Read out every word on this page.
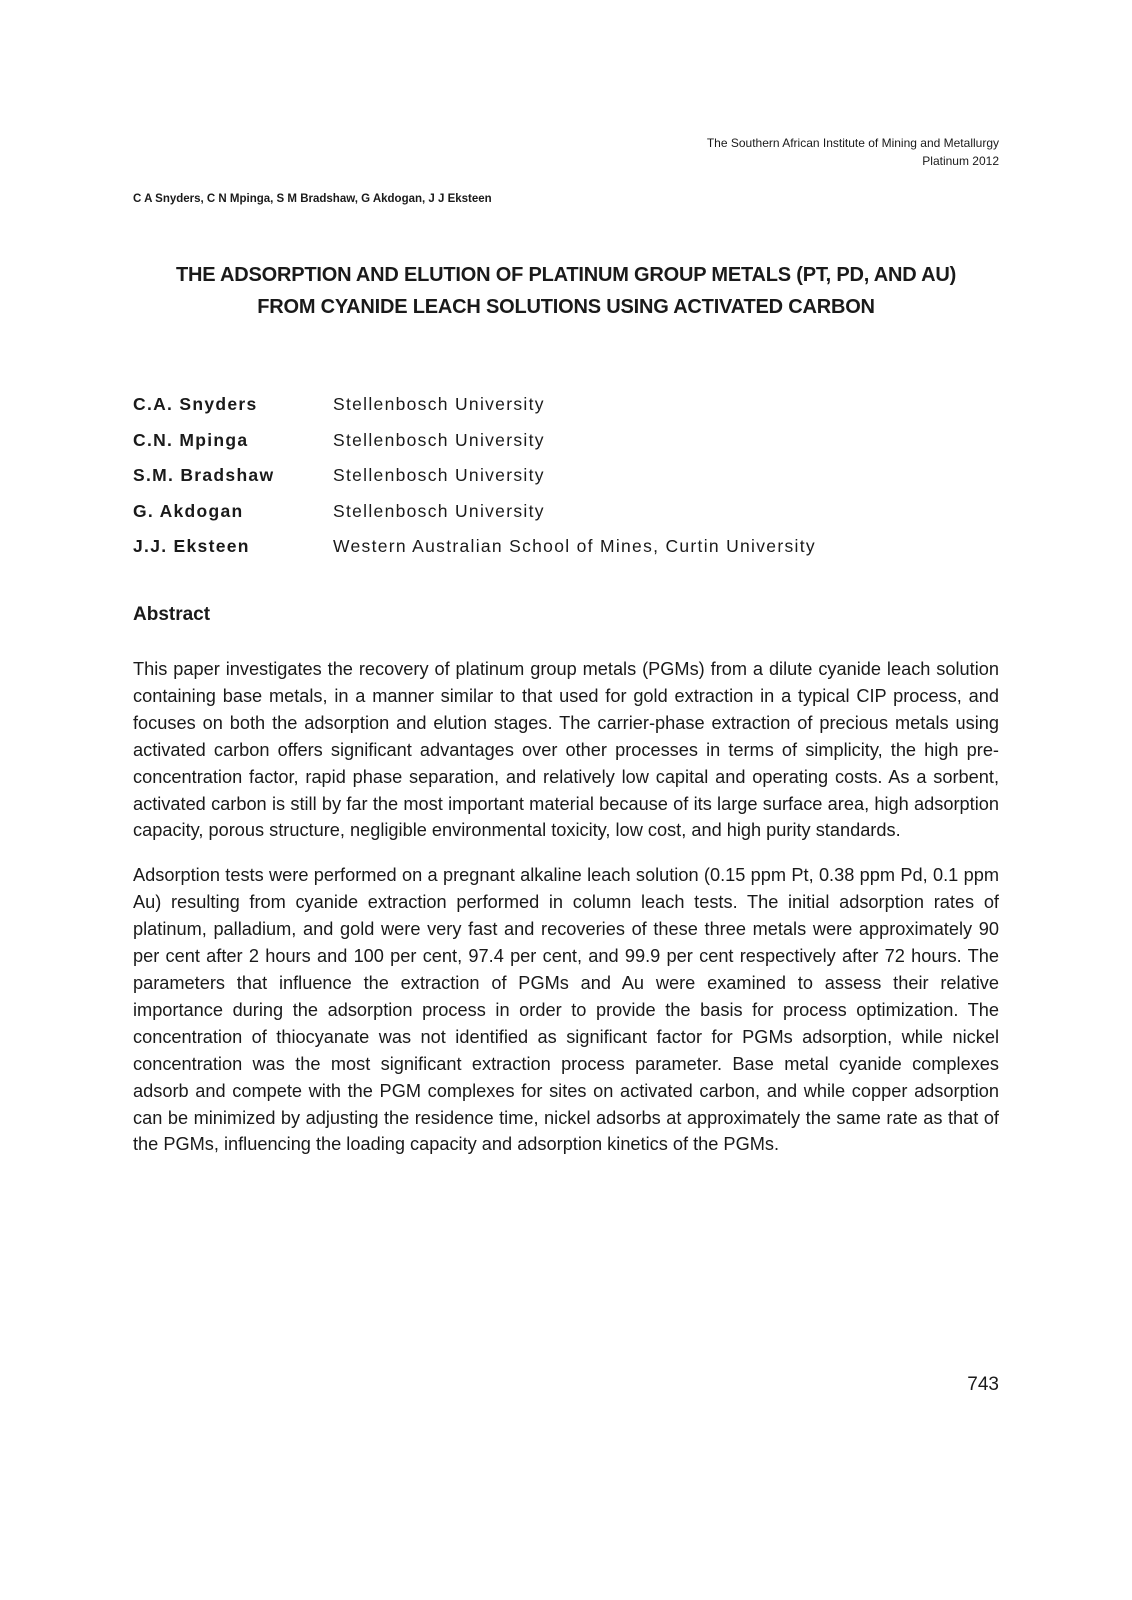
The Southern African Institute of Mining and Metallurgy
Platinum 2012
C A Snyders, C N Mpinga, S M Bradshaw, G Akdogan, J J Eksteen
THE ADSORPTION AND ELUTION OF PLATINUM GROUP METALS (PT, PD, AND AU) FROM CYANIDE LEACH SOLUTIONS USING ACTIVATED CARBON
C.A. Snyders	Stellenbosch University
C.N. Mpinga	Stellenbosch University
S.M. Bradshaw	Stellenbosch University
G. Akdogan	Stellenbosch University
J.J. Eksteen	Western Australian School of Mines, Curtin University
Abstract

This paper investigates the recovery of platinum group metals (PGMs) from a dilute cyanide leach solution containing base metals, in a manner similar to that used for gold extraction in a typical CIP process, and focuses on both the adsorption and elution stages. The carrier-phase extraction of precious metals using activated carbon offers significant advantages over other processes in terms of simplicity, the high pre-concentration factor, rapid phase separation, and relatively low capital and operating costs. As a sorbent, activated carbon is still by far the most important material because of its large surface area, high adsorption capacity, porous structure, negligible environmental toxicity, low cost, and high purity standards.

Adsorption tests were performed on a pregnant alkaline leach solution (0.15 ppm Pt, 0.38 ppm Pd, 0.1 ppm Au) resulting from cyanide extraction performed in column leach tests. The initial adsorption rates of platinum, palladium, and gold were very fast and recoveries of these three metals were approximately 90 per cent after 2 hours and 100 per cent, 97.4 per cent, and 99.9 per cent respectively after 72 hours. The parameters that influence the extraction of PGMs and Au were examined to assess their relative importance during the adsorption process in order to provide the basis for process optimization. The concentration of thiocyanate was not identified as significant factor for PGMs adsorption, while nickel concentration was the most significant extraction process parameter. Base metal cyanide complexes adsorb and compete with the PGM complexes for sites on activated carbon, and while copper adsorption can be minimized by adjusting the residence time, nickel adsorbs at approximately the same rate as that of the PGMs, influencing the loading capacity and adsorption kinetics of the PGMs.

743
